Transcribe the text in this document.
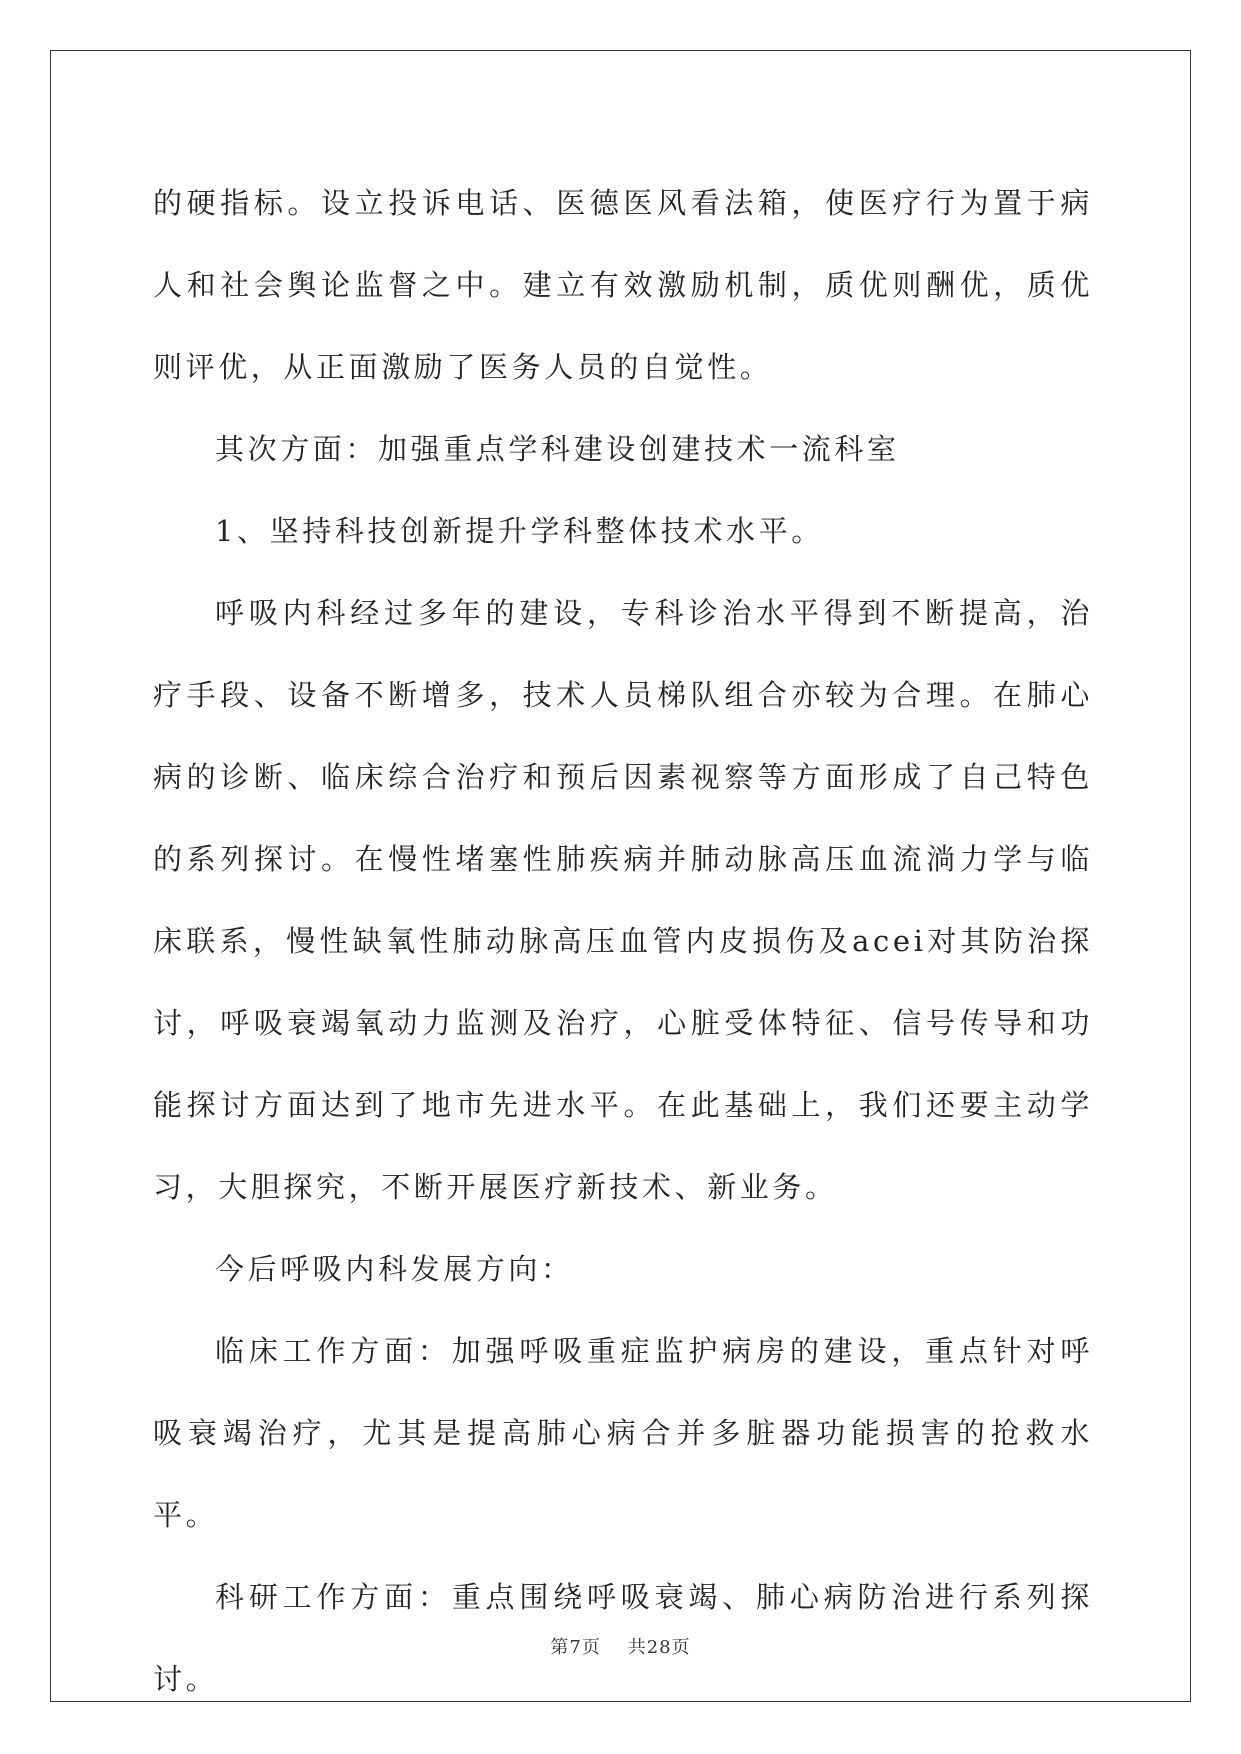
的硬指标。设立投诉电话、医德医风看法箱，使医疗行为置于病人和社会舆论监督之中。建立有效激励机制，质优则酬优，质优则评优，从正面激励了医务人员的自觉性。

其次方面：加强重点学科建设创建技术一流科室

1、坚持科技创新提升学科整体技术水平。

呼吸内科经过多年的建设，专科诊治水平得到不断提高，治疗手段、设备不断增多，技术人员梯队组合亦较为合理。在肺心病的诊断、临床综合治疗和预后因素视察等方面形成了自己特色的系列探讨。在慢性堵塞性肺疾病并肺动脉高压血流淌力学与临床联系，慢性缺氧性肺动脉高压血管内皮损伤及acei对其防治探讨，呼吸衰竭氧动力监测及治疗，心脏受体特征、信号传导和功能探讨方面达到了地市先进水平。在此基础上，我们还要主动学习，大胆探究，不断开展医疗新技术、新业务。

今后呼吸内科发展方向：

临床工作方面：加强呼吸重症监护病房的建设，重点针对呼吸衰竭治疗，尤其是提高肺心病合并多脏器功能损害的抢救水平。

科研工作方面：重点围绕呼吸衰竭、肺心病防治进行系列探讨。

第7页 共28页
